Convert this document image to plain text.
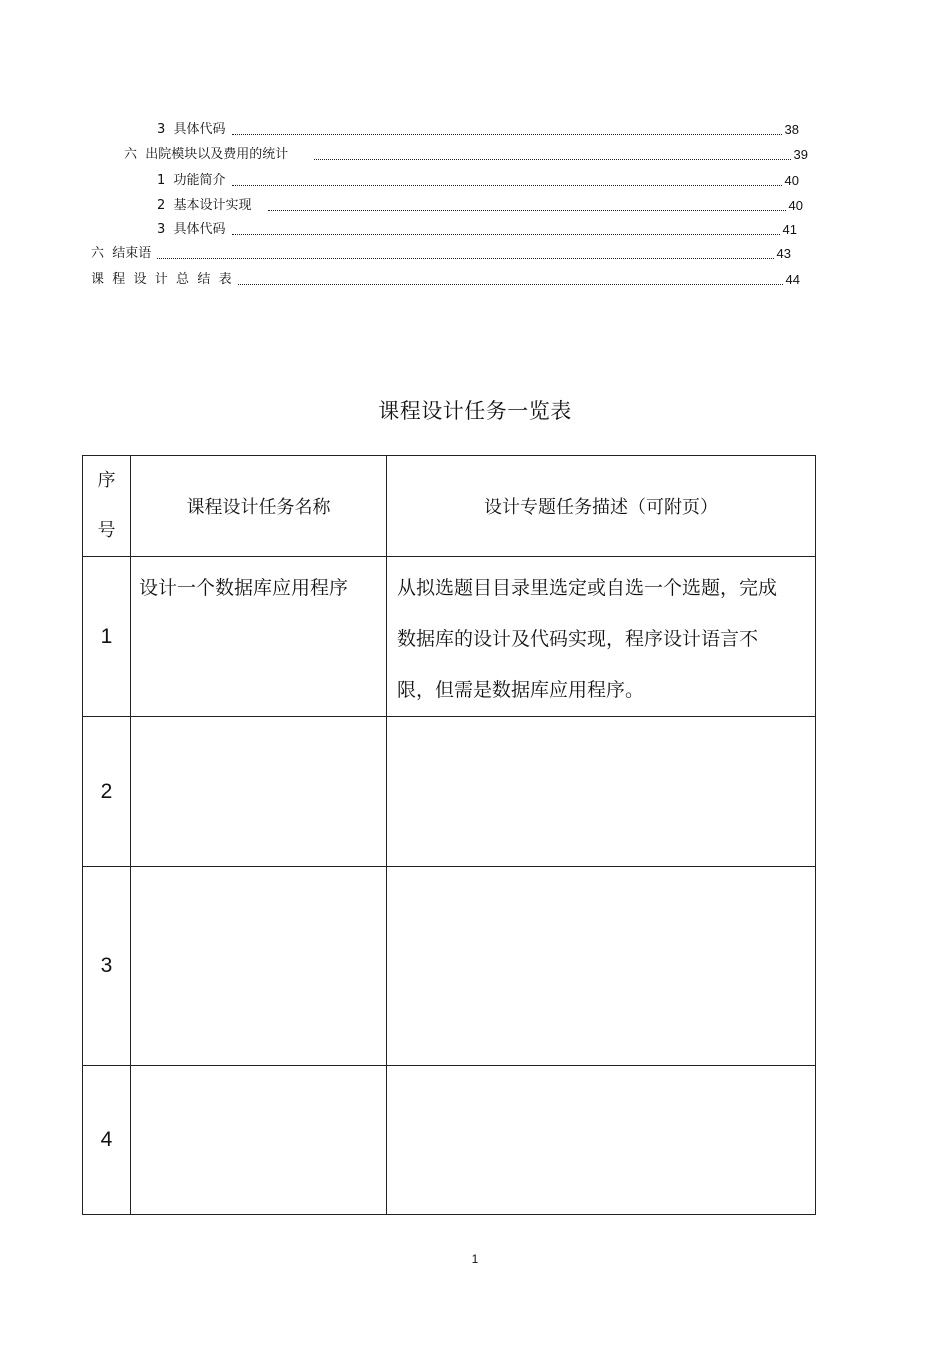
3  具体代码	38
六  出院模块以及费用的统计	39
1  功能简介	40
2  基本设计实现	40
3  具体代码	41
六  结束语	43
课  程  设  计  总  结  表	44
课程设计任务一览表
序
号	课程设计任务名称	设计专题任务描述（可附页）
1	设计一个数据库应用程序	从拟选题目目录里选定或自选一个选题，完成数据库的设计及代码实现，程序设计语言不限，但需是数据库应用程序。
2		
3		
4		
1
